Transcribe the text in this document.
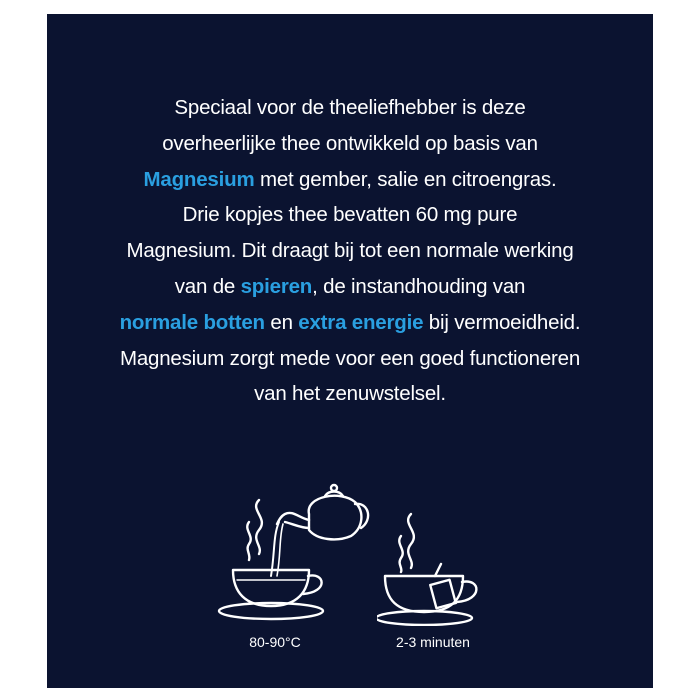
Speciaal voor de theeliefhebber is deze
overheerlijke thee ontwikkeld op basis van
Magnesium met gember, salie en citroengras.
Drie kopjes thee bevatten 60 mg pure
Magnesium. Dit draagt bij tot een normale werking
van de spieren, de instandhouding van
normale botten en extra energie bij vermoeidheid.
Magnesium zorgt mede voor een goed functioneren
van het zenuwstelsel.
80-90°C	2-3 minuten
